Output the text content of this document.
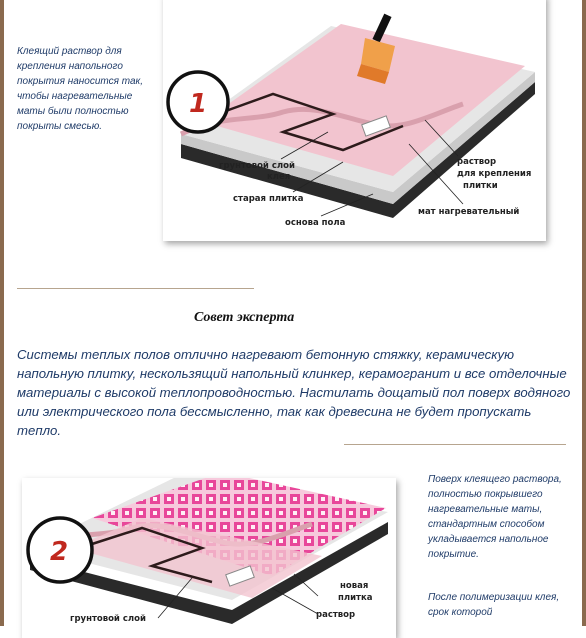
грунтовой слой
клея
старая плитка
основа пола
раствор
для крепления
плитки
мат нагревательный
1
Клеящий раствор для крепления напольного покрытия наносится так, чтобы нагревательные маты были полностью покрыты смесью.
Совет эксперта
Системы теплых полов отлично нагревают бетонную стяжку, керамическую напольную плитку, нескользящий напольный клинкер, керамогранит и все отделочные материалы с высокой теплопроводностью. Настилать дощатый пол поверх водяного или электрического пола бессмысленно, так как древесина не будет пропускать тепло.
грунтовой слой
новая
плитка
раствор
2
Поверх клеящего раствора, полностью покрывшего нагревательные маты, стандартным способом укладывается напольное покрытие.
После полимеризации клея, срок которой
